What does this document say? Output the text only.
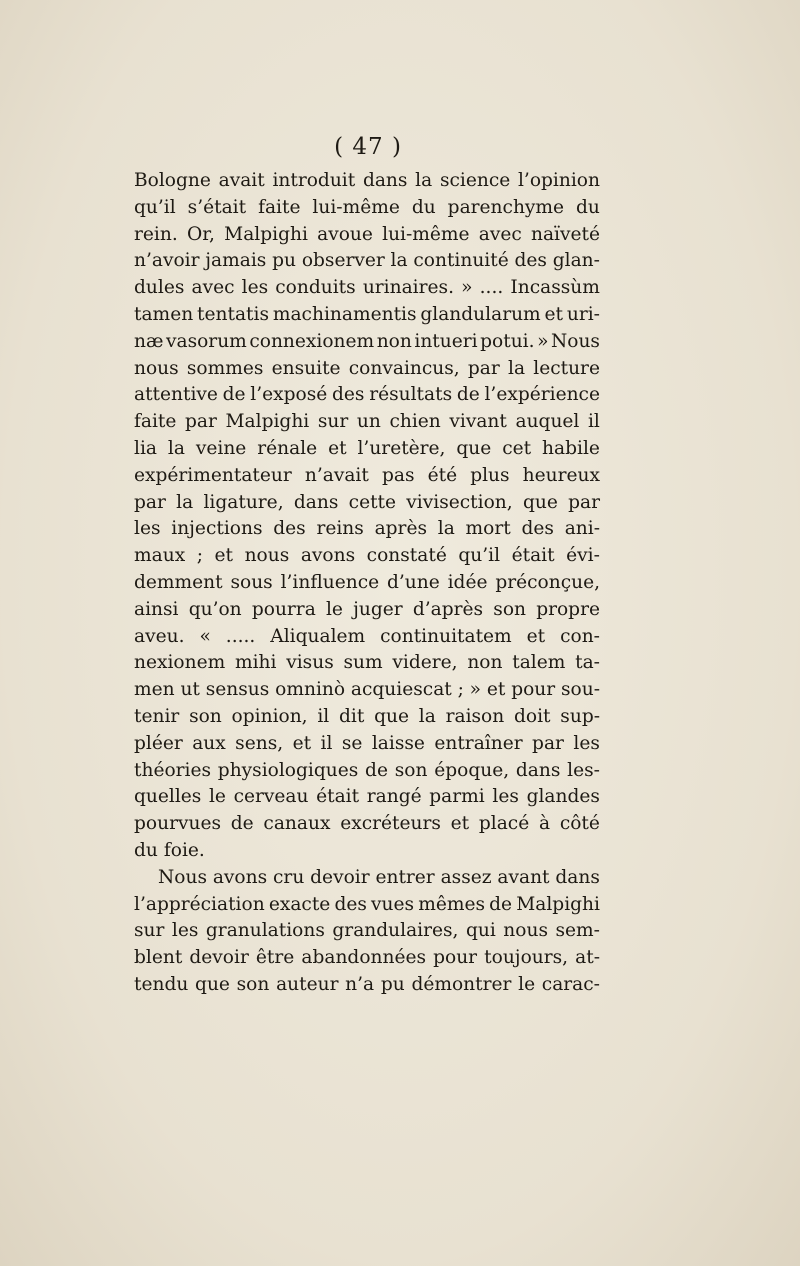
( 47 )
Bologne avait introduit dans la science l’opinion
qu’il s’était faite lui-même du parenchyme du
rein. Or, Malpighi avoue lui-même avec naïveté
n’avoir jamais pu observer la continuité des glan-
dules avec les conduits urinaires. » .... Incassùm
tamen tentatis machinamentis glandularum et uri-
næ vasorum connexionem non intueri potui. » Nous
nous sommes ensuite convaincus, par la lecture
attentive de l’exposé des résultats de l’expérience
faite par Malpighi sur un chien vivant auquel il
lia la veine rénale et l’uretère, que cet habile
expérimentateur n’avait pas été plus heureux
par la ligature, dans cette vivisection, que par
les injections des reins après la mort des ani-
maux ; et nous avons constaté qu’il était évi-
demment sous l’influence d’une idée préconçue,
ainsi qu’on pourra le juger d’après son propre
aveu. « ..... Aliqualem continuitatem et con-
nexionem mihi visus sum videre, non talem ta-
men ut sensus omninò acquiescat ; » et pour sou-
tenir son opinion, il dit que la raison doit sup-
pléer aux sens, et il se laisse entraîner par les
théories physiologiques de son époque, dans les-
quelles le cerveau était rangé parmi les glandes
pourvues de canaux excréteurs et placé à côté
du foie.
Nous avons cru devoir entrer assez avant dans
l’appréciation exacte des vues mêmes de Malpighi
sur les granulations grandulaires, qui nous sem-
blent devoir être abandonnées pour toujours, at-
tendu que son auteur n’a pu démontrer le carac-
